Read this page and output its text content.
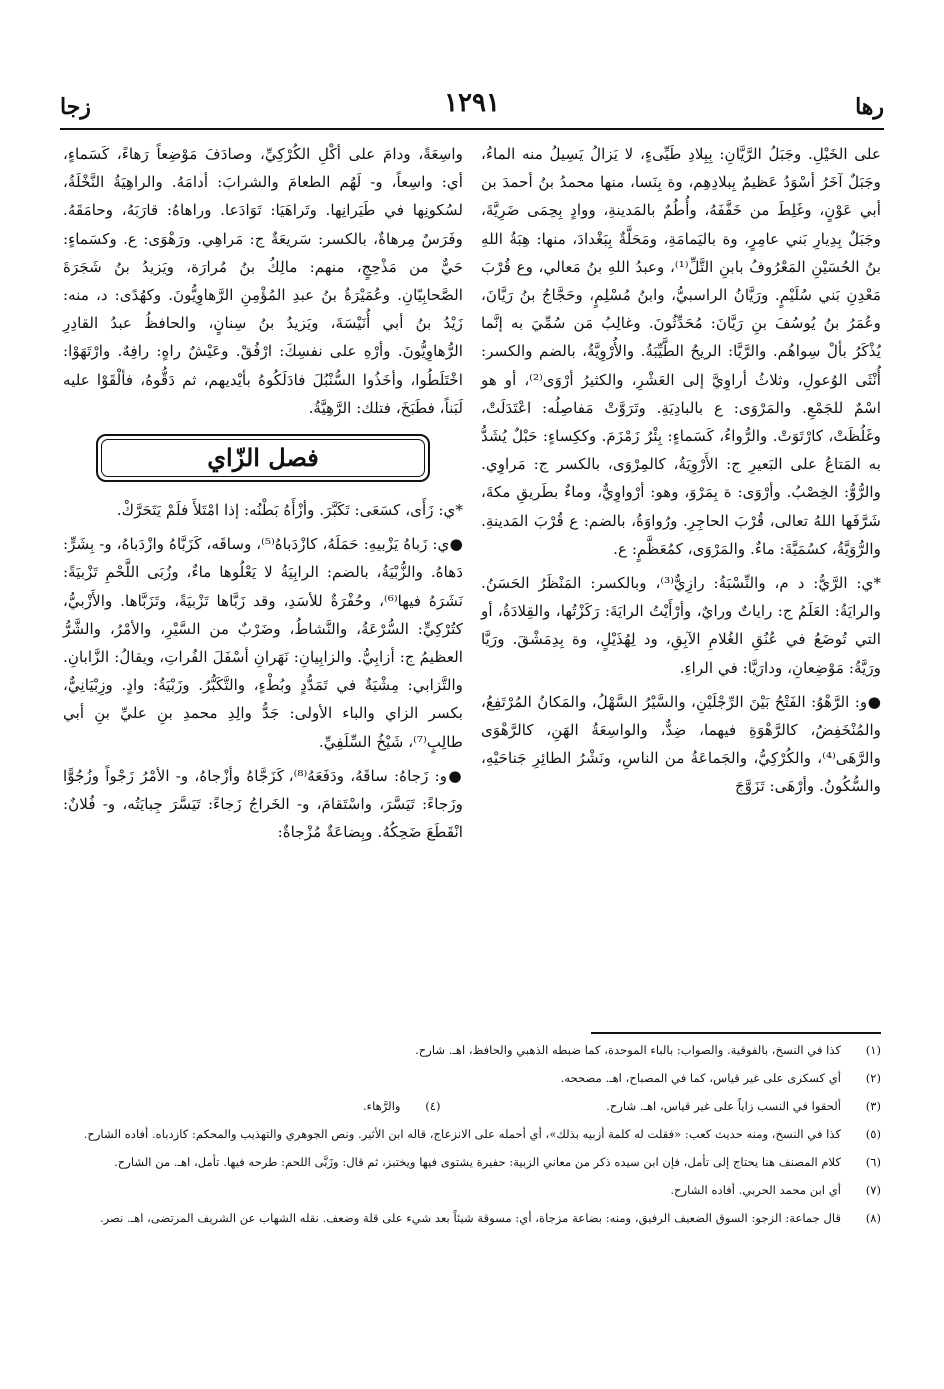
رها
١٢٩١
زجا

على الخَيْلِ. وجَبَلُ الرَّيَّانِ: بِبِلادِ طَيِّىءٍ، لا يَزالُ يَسِيلُ منه الماءُ، وجَبَلٌ آخَرُ أسْوَدُ عَظيمٌ بِبلادِهِم، وة بِنَسا، منها محمدُ بنُ أحمدَ بن أبي عَوْنٍ، وغَلِطَ من خَفَّفَهُ، وأُطُمٌ بالمَدينةِ، ووادٍ بِحِمَى ضَرِيَّةَ، وجَبَلٌ بِدِيارِ بَني عامِرٍ، وة باليَمامَةِ، ومَحَلَّةٌ بِبَغْدادَ، منها: هِبَةُ اللهِ بنُ الحُسَيْنِ المَعْرُوفُ بابنِ التَّلِّ⁽¹⁾، وعبدُ اللهِ بنُ مَعالي، وع قُرْبَ مَعْدِنِ بَني سُلَيْمٍ. ورَيَّانُ الراسبيُّ، وابنُ مُسْلِمٍ، وحَجَّاجُ بنُ رَيَّانَ، وعُمَرُ بنُ يُوسُفَ بنِ رَيَّانَ: مُحَدِّثُونَ. وغالِبُ مَن سُمِّيَ به إنَّما يُذْكَرُ بألْ سِواهُم. والرَّيَّا: الريحُ الطَّيِّبَةُ. والأُرْوِيَّةُ، بالضم والكسر: أُنْثَى الوُعولِ، وثلاثُ أراوِيَّ إلى العَشْرِ، والكثيرُ أرْوَى⁽²⁾، أو هو اسْمٌ للجَمْعِ. والمَرْوَى: ع بالبادِيَةِ. وتَرَوَّتْ مَفاصِلُه: اعْتَدَلَتْ، وغَلُظَتْ، كارْتَوَتْ. والرُّواءُ، كَسَماءٍ: بِئْرُ زَمْزَمَ. وككِساءٍ: حَبْلٌ يُشَدُّ به المَتاعُ على البَعيرِ ج: الأَرْوِيَةُ، كالمِرْوَى، بالكسر ج: مَراوِي. والرُّوُّ: الخِصْبُ. وأرْوَى: ة بِمَرْوَ، وهو: أرْواوِيٌّ، وماءٌ بطَريقِ مكةَ، شَرَّفَها اللهُ تعالى، قُرْبَ الحاجِرِ. ورُواوَةُ، بالضم: ع قُرْبَ المَدينةِ. والرُّوَيَّةُ، كسُمَيَّةَ: ماءٌ. والمَرْوَى، كمُعَظَّمٍ: ع.

*ي: الرَّيُّ: د م، والنِّسْبَةُ: رازِيٌّ⁽³⁾، وبالكسر: المَنْظَرُ الحَسَنُ. والرايَةُ: العَلَمُ ج: راياتٌ ورايٌ، وأرْأَيْتُ الرايَةَ: رَكَزْتُها، والقِلادَةُ، أو التي تُوضَعُ في عُنُقِ الغُلامِ الآبِقِ، ود لِهُذَيْلٍ، وة بِدِمَشْقَ. ورَيَّا ورَيَّةُ: مَوْضِعانِ، ودارَيَّا: في الراءِ.

●و: الرَّهْوُ: الفَتْحُ بَيْنَ الرِّجْلَيْنِ، والسَّيْرُ السَّهْلُ، والمَكانُ المُرْتَفِعُ، والمُنْخَفِضُ، كالرَّهْوَةِ فيهما، ضِدٌّ، والواسِعَةُ الهَنِ، كالرَّهْوَى والرَّهَى⁽⁴⁾، والكُرْكِيُّ، والجَماعَةُ من الناسِ، ونَشْرُ الطائِرِ جَناحَيْهِ، والسُّكُونُ. وأرْهَى: تَزَوَّجَ

واسِعَةً، ودامَ على أكْلِ الكُرْكِيِّ، وصادَفَ مَوْضِعاً رَهاءً، كَسَماءٍ، أي: واسِعاً، و- لَهُم الطعامَ والشرابَ: أدامَهُ. والراهِيَةُ النَّخْلَةُ، لسُكونِها في طَيَرانِها. وتَراهَيَا: تَوَادَعا. وراهاهُ: قارَبَهُ، وحامَقَهُ. وفَرَسٌ مِرهاةٌ، بالكسر: سَريعَةٌ ج: مَراهِي. ورَهْوَى: ع. وكسَماءٍ: حَيٌّ من مَذْحِجٍ، منهم: مالِكُ بنُ مُرارَة، ويَزيدُ بنُ شَجَرَةَ الصَّحابِيّانِ. وعُمَيْرَةُ بنُ عبدِ المُؤْمِنِ الرَّهاوِيُّونَ. وكهُدًى: د، منه: زَيْدُ بنُ أبي أُنَيْسَةَ، ويَزيدُ بنُ سِنانٍ، والحافظُ عبدُ القادِرِ الرُّهاوِيُّونَ. وأرْهِ على نفسِكَ: ارْفُقْ. وعَيْشٌ راهٍ: رافِهٌ. وارْتَهَوْا: اخْتَلَطُوا، وأخَذُوا السُّنْبُلَ فادَلَكُوهُ بأيْديهم، ثم دَقُّوهُ، فألْقَوْا عليه لَبَناً، فطَبَخَ، فتلك: الرَّهِيَّةُ.

فصل الزّاي

*ي: زَأَى، كسَعَى: تَكَبَّرَ. وأزْأَهُ بَطْنُه: إذا امْتَلأَ فلَمْ يَتَحَرَّكْ.

●ي: زَباهُ يَزْبيهِ: حَمَلَهُ، كازْدَباهُ⁽⁵⁾، وساقَه، كَزَبَّاهُ وازْدَباهُ، و- بِشَرٍّ: دَهاهُ. والزُّبْيَةُ، بالضم: الرابِيَةُ لا يَعْلُوها ماءٌ، وزُبَى اللَّحْمِ تَزْبيَةً: نَشَرَهُ فيها⁽⁶⁾، وحُفْرَةٌ للأسَدِ، وقد زَبَّاها تَزْبيَةً، وتَزَبَّاها. والأَزْبيُّ، كتُرْكِيٍّ: السُّرْعَةُ، والنَّشاطُ، وضَرْبٌ من السَّيْرِ، والأمْرُ، والشَّرُّ العظيمُ ج: أزابِيُّ. والزابِيانِ: نَهَرانِ أسْفَلَ الفُراتِ، ويقالُ: الزَّابانِ. والتَّزابي: مِشْيَةٌ في تَمَدُّدٍ وبُطْءٍ، والتَّكَبُّرُ. وزَبْيَةُ: وادٍ. وزِبْيَانِيٌّ، بكسر الزاي والباء الأولى: جَدُّ والِدِ محمدِ بنِ عليِّ بنِ أبي طالِبٍ⁽⁷⁾، شَيْخُ السِّلَفِيِّ.

●و: زَجاهُ: ساقَهُ، ودَفَعَهُ⁽⁸⁾، كَزَجَّاهُ وأزْجاهُ، و- الأمْرُ زَجْواً وزُجُوًّا وزَجاءً: تَيَسَّرَ، واسْتَقامَ، و- الخَراجُ زَجاءً: تَيَسَّرَ جِبايَتُه، و- فُلانٌ: انْقَطَعَ ضَحِكُهُ. وبِضاعَةٌ مُزْجاةٌ:

(١)
كذا في النسخ، بالفوقية. والصواب: بالباء الموحدة، كما ضبطه الذهبي والحافظ، اهـ. شارح.
(٢)
أي كسكرى على غير قياس، كما في المصباح، اهـ. مصححه.
(٣)
ألحقوا في النسب زاياً على غير قياس، اهـ. شارح.
(٤)
والرَّهاء.
(٥)
كذا في النسخ، ومنه حديث كعب: «فقلت له كلمة أزبيه بذلك»، أي أحمله على الانزعاج، قاله ابن الأثير. ونص الجوهري والتهذيب والمحكم: كازدباه. أفاده الشارح.
(٦)
كلام المصنف هنا يحتاج إلى تأمل، فإن ابن سيده ذكر من معاني الزبية: حفيرة يشتوى فيها ويختبز، ثم قال: وزَبَّى اللحم: طرحه فيها. تأمل، اهـ. من الشارح.
(٧)
أي ابن محمد الحربي. أفاده الشارح.
(٨)
قال جماعة: الزجو: السوق الضعيف الرفيق، ومنه: بضاعة مزجاة، أي: مسوقة شيئاً بعد شيء على قلة وضعف. نقله الشهاب عن الشريف المرتضى، اهـ. نصر.
